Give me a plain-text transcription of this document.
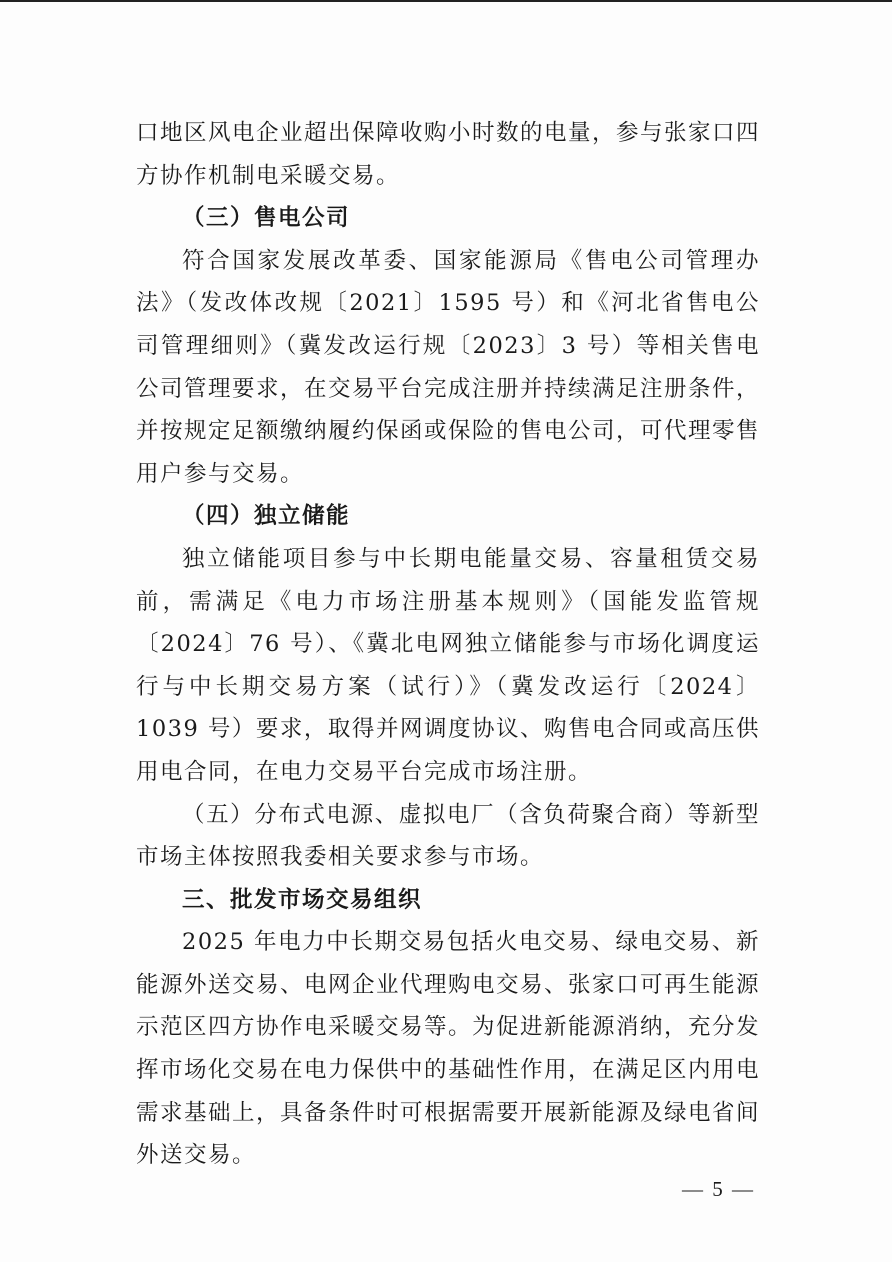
口地区风电企业超出保障收购小时数的电量，参与张家口四方协作机制电采暖交易。

（三）售电公司

符合国家发展改革委、国家能源局《售电公司管理办法》（发改体改规〔2021〕1595 号）和《河北省售电公司管理细则》（冀发改运行规〔2023〕3 号）等相关售电公司管理要求，在交易平台完成注册并持续满足注册条件，并按规定足额缴纳履约保函或保险的售电公司，可代理零售用户参与交易。

（四）独立储能

独立储能项目参与中长期电能量交易、容量租赁交易前，需满足《电力市场注册基本规则》（国能发监管规〔2024〕76 号）、《冀北电网独立储能参与市场化调度运行与中长期交易方案（试行）》（冀发改运行〔2024〕1039 号）要求，取得并网调度协议、购售电合同或高压供用电合同，在电力交易平台完成市场注册。

（五）分布式电源、虚拟电厂（含负荷聚合商）等新型市场主体按照我委相关要求参与市场。

三、批发市场交易组织

2025 年电力中长期交易包括火电交易、绿电交易、新能源外送交易、电网企业代理购电交易、张家口可再生能源示范区四方协作电采暖交易等。为促进新能源消纳，充分发挥市场化交易在电力保供中的基础性作用，在满足区内用电需求基础上，具备条件时可根据需要开展新能源及绿电省间外送交易。

— 5 —
